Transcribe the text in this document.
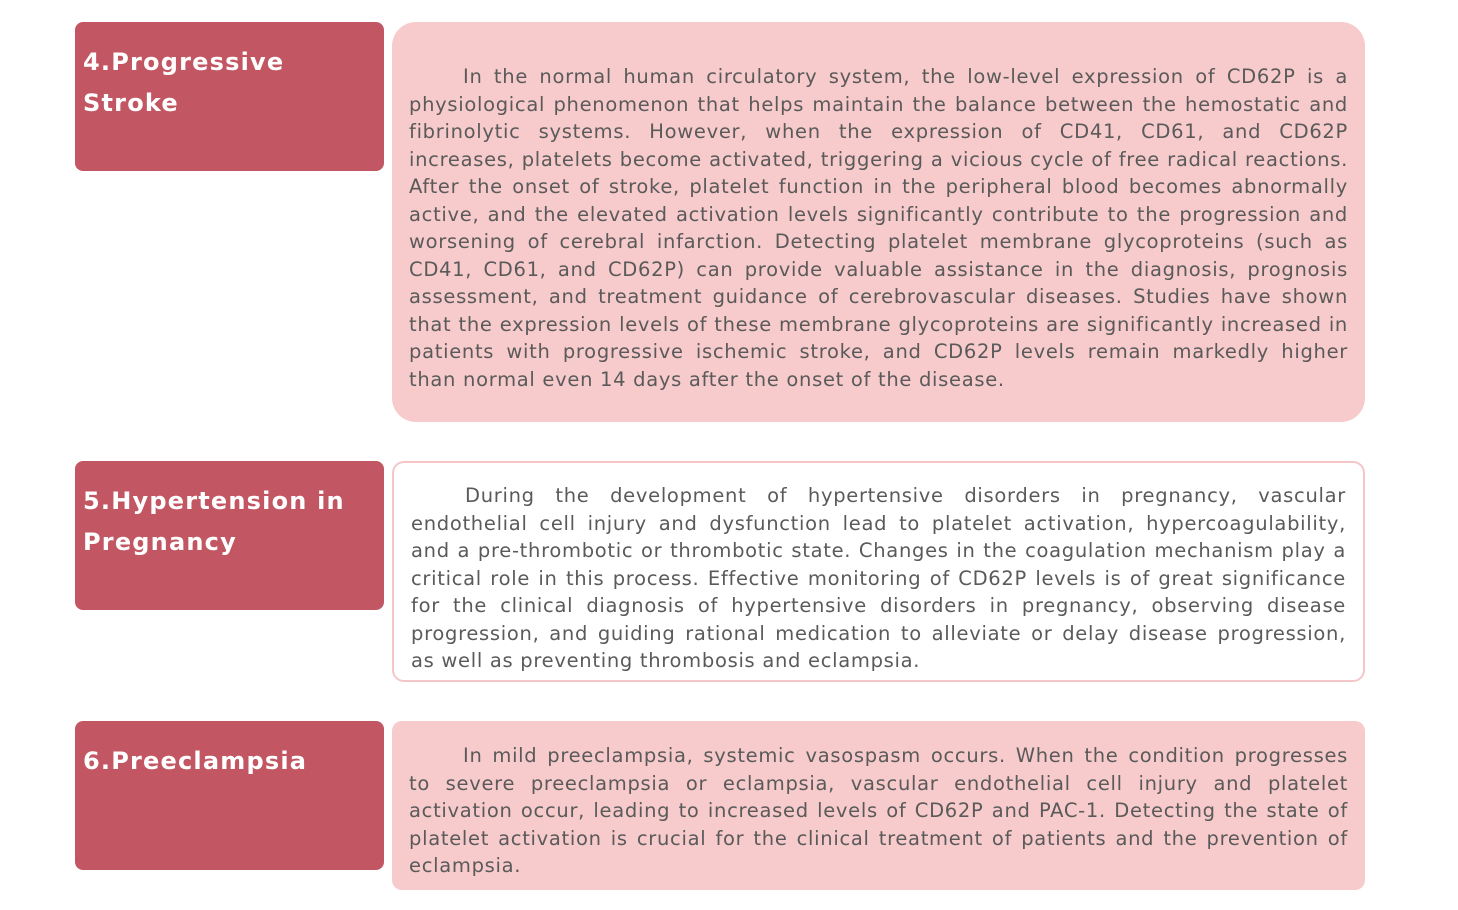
4.Progressive Stroke

In the normal human circulatory system, the low-level expression of CD62P is a physiological phenomenon that helps maintain the balance between the hemostatic and fibrinolytic systems. However, when the expression of CD41, CD61, and CD62P increases, platelets become activated, triggering a vicious cycle of free radical reactions. After the onset of stroke, platelet function in the peripheral blood becomes abnormally active, and the elevated activation levels significantly contribute to the progression and worsening of cerebral infarction. Detecting platelet membrane glycoproteins (such as CD41, CD61, and CD62P) can provide valuable assistance in the diagnosis, prognosis assessment, and treatment guidance of cerebrovascular diseases. Studies have shown that the expression levels of these membrane glycoproteins are significantly increased in patients with progressive ischemic stroke, and CD62P levels remain markedly higher than normal even 14 days after the onset of the disease.

5.Hypertension in Pregnancy

During the development of hypertensive disorders in pregnancy, vascular endothelial cell injury and dysfunction lead to platelet activation, hypercoagulability, and a pre-thrombotic or thrombotic state. Changes in the coagulation mechanism play a critical role in this process. Effective monitoring of CD62P levels is of great significance for the clinical diagnosis of hypertensive disorders in pregnancy, observing disease progression, and guiding rational medication to alleviate or delay disease progression, as well as preventing thrombosis and eclampsia.

6.Preeclampsia	In mild preeclampsia, systemic vasospasm occurs. When the condition progresses to severe preeclampsia or eclampsia, vascular endothelial cell injury and platelet activation occur, leading to increased levels of CD62P and PAC-1. Detecting the state of platelet activation is crucial for the clinical treatment of patients and the prevention of eclampsia.
